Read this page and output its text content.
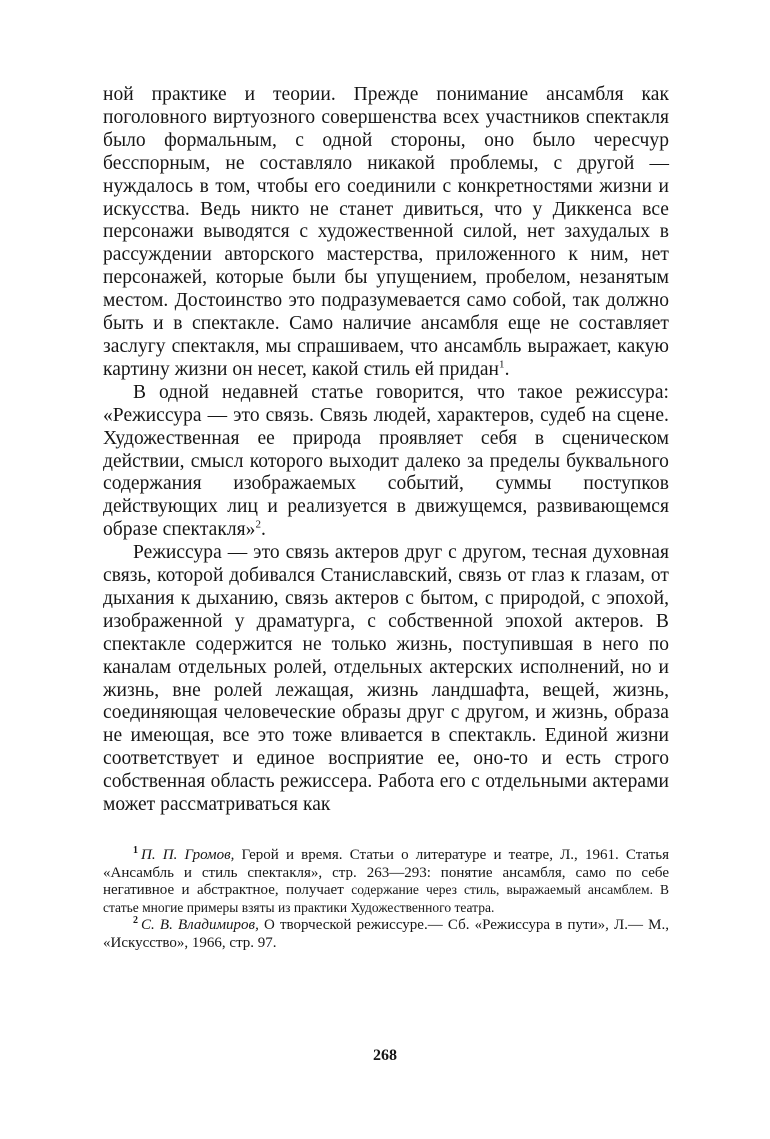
ной практике и теории. Прежде понимание ансамбля как поголовного виртуозного совершенства всех участников спектакля было формальным, с одной стороны, оно было чересчур бесспорным, не составляло никакой проблемы, с другой — нуждалось в том, чтобы его соединили с конкретностями жизни и искусства. Ведь никто не станет дивиться, что у Диккенса все персонажи выводятся с художественной силой, нет захудалых в рассуждении авторского мастерства, приложенного к ним, нет персонажей, которые были бы упущением, пробелом, незанятым местом. Достоинство это подразумевается само собой, так должно быть и в спектакле. Само наличие ансамбля еще не составляет заслугу спектакля, мы спрашиваем, что ансамбль выражает, какую картину жизни он несет, какой стиль ей придан$^1$.

В одной недавней статье говорится, что такое режиссура: «Режиссура — это связь. Связь людей, характеров, судеб на сцене. Художественная ее природа проявляет себя в сценическом действии, смысл которого выходит далеко за пределы буквального содержания изображаемых событий, суммы поступков действующих лиц и реализуется в движущемся, развивающемся образе спектакля»$^2$.

Режиссура — это связь актеров друг с другом, тесная духовная связь, которой добивался Станиславский, связь от глаз к глазам, от дыхания к дыханию, связь актеров с бытом, с природой, с эпохой, изображенной у драматурга, с собственной эпохой актеров. В спектакле содержится не только жизнь, поступившая в него по каналам отдельных ролей, отдельных актерских исполнений, но и жизнь, вне ролей лежащая, жизнь ландшафта, вещей, жизнь, соединяющая человеческие образы друг с другом, и жизнь, образа не имеющая, все это тоже вливается в спектакль. Единой жизни соответствует и единое восприятие ее, оно-то и есть строго собственная область режиссера. Работа его с отдельными актерами может рассматриваться как

$^1$ П. П. Громов, Герой и время. Статьи о литературе и театре, Л., 1961. Статья «Ансамбль и стиль спектакля», стр. 263—293: понятие ансамбля, само по себе негативное и абстрактное, получает содержание через стиль, выражаемый ансамблем. В статье многие примеры взяты из практики Художественного театра.

$^2$ С. В. Владимиров, О творческой режиссуре.— Сб. «Режиссура в пути», Л.— М., «Искусство», 1966, стр. 97.

268
